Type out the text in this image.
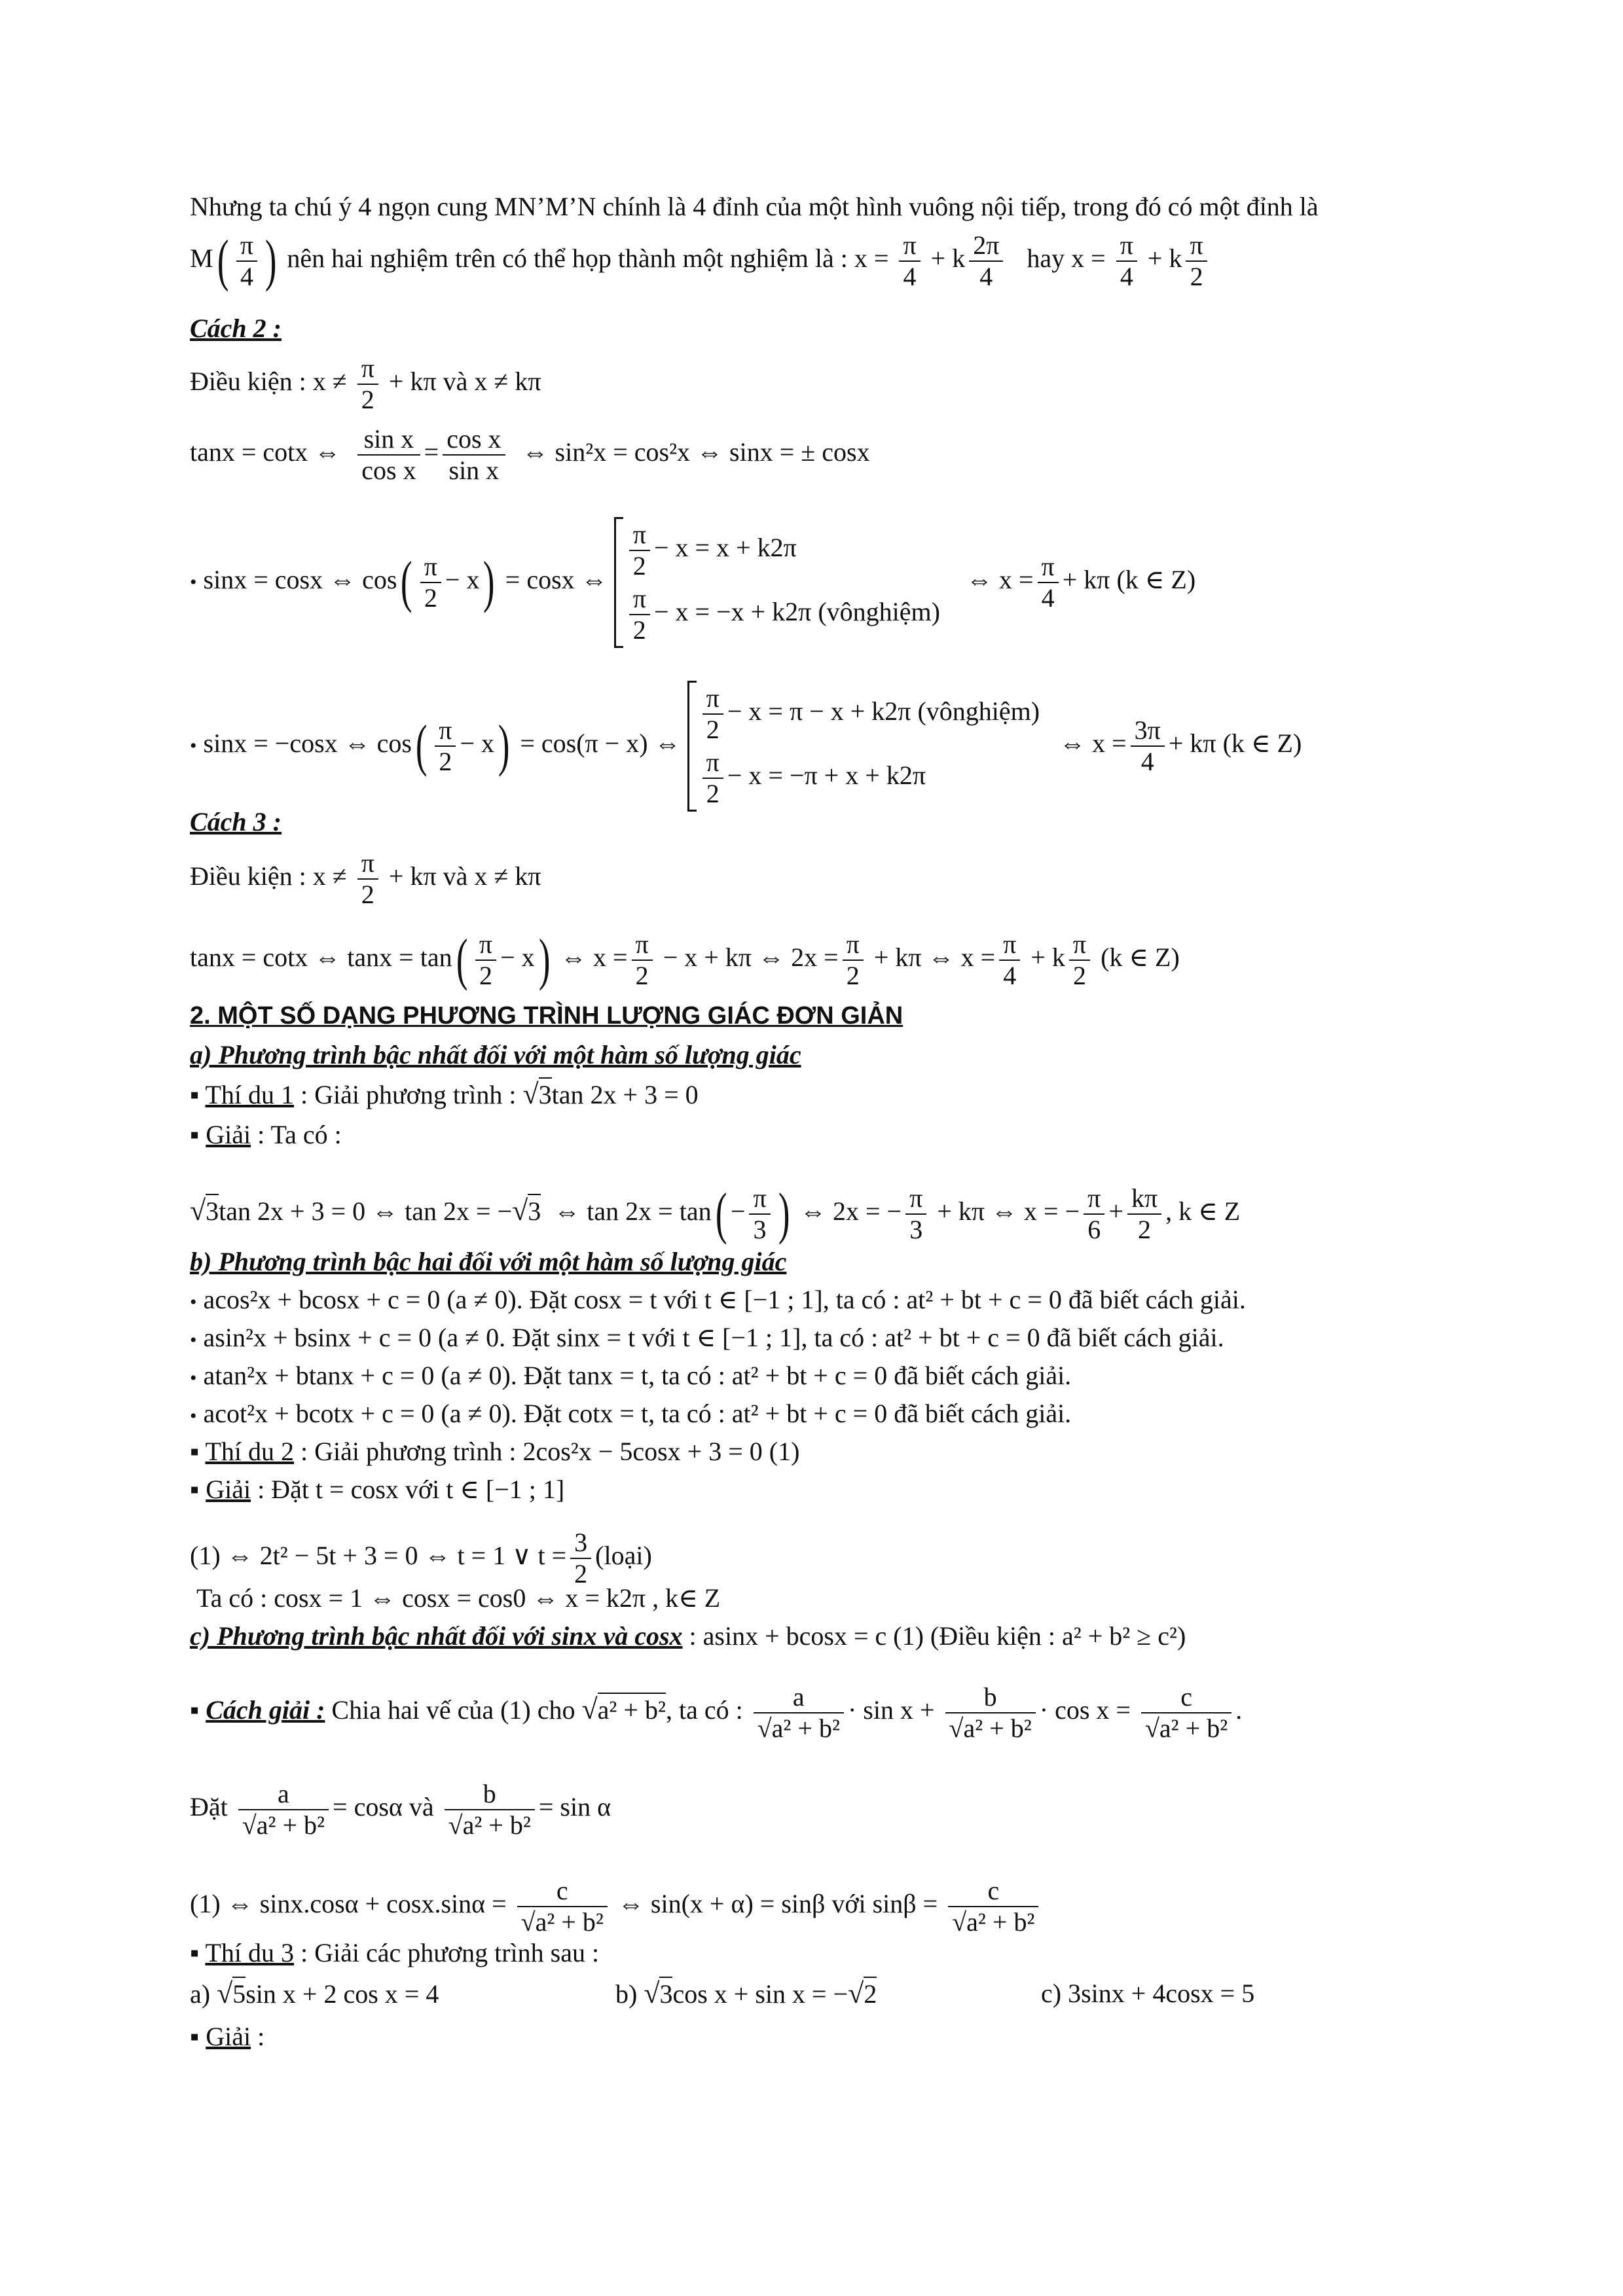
Nhưng ta chú ý 4 ngọn cung MN’M’N chính là 4 đỉnh của một hình vuông nội tiếp, trong đó có một đỉnh là
$M( \frac{\pi}{4}$ ) nên hai nghiệm trên có thể họp thành một nghiệm là : $x = \frac{\pi}{4} + k \frac{2\pi}{4}$ hay $x = \frac{\pi}{4} + k \frac{\pi}{2}$
Cách 2 :
Điều kiện : $x \ne \frac{\pi}{2} + k\pi$ và x ≠ kπ
tanx = cotx ⇔ $\frac{\text{sin x}}{\text{cos x}} = \frac{\text{cos x}}{\text{sin x}}$ ⇔ sin²x = cos²x ⇔ sinx = ± cosx
• sinx = cosx ⇔ $\cos( \frac{\pi}{2} - x) = \cos x$ ⇔ $\frac{\pi}{2} - x = x + k2\pi$
$\frac{\pi}{2} - x = -x + k2\pi$ (vônghiệm)
⇔ $x = \frac{\pi}{4} + k\pi$ (k ∈ Z)
• sinx = −cosx ⇔ $\cos( \frac{\pi}{2} - x) = \cos(\pi - x)$ ⇔ $\frac{\pi}{2} - x = \pi - x + k2\pi$ (vônghiệm)
$\frac{\pi}{2} - x = -\pi + x + k2\pi$
⇔ $x = \frac{3\pi}{4} + k\pi$ (k ∈ Z)
Cách 3 :
Điều kiện : $x \ne \frac{\pi}{2} + k\pi$ và x ≠ kπ
tanx = cotx ⇔ $\tan x = \tan( \frac{\pi}{2} - x)$ ⇔ $x = \frac{\pi}{2} - x + k\pi$ ⇔ $2x = \frac{\pi}{2} + k\pi$ ⇔ $x = \frac{\pi}{4} + k \frac{\pi}{2} (k$ ∈ Z)
2. MỘT SỐ DẠNG PHƯƠNG TRÌNH LƯỢNG GIÁC ĐƠN GIẢN
a) Phương trình bậc nhất đối với một hàm số lượng giác
▪ Thí du 1 : Giải phương trình : √3tan 2x + 3 = 0
▪ Giải : Ta có :
√3tan 2x + 3 = 0 ⇔ tan 2x = −√3 ⇔ $\tan 2x = \tan( - \frac{\pi}{3}$ ) ⇔ 2x = − $\frac{\pi}{3} + k\pi$ ⇔ x = − $\frac{\pi}{6} + \frac{k\pi}{2}$ , k ∈ Z
b) Phương trình bậc hai đối với một hàm số lượng giác
• acos²x + bcosx + c = 0 (a ≠ 0). Đặt cosx = t với t ∈ [−1 ; 1], ta có : at² + bt + c = 0 đã biết cách giải.
• asin²x + bsinx + c = 0 (a ≠ 0. Đặt sinx = t với t ∈ [−1 ; 1], ta có : at² + bt + c = 0 đã biết cách giải.
• atan²x + btanx + c = 0 (a ≠ 0). Đặt tanx = t, ta có : at² + bt + c = 0 đã biết cách giải.
• acot²x + bcotx + c = 0 (a ≠ 0). Đặt cotx = t, ta có : at² + bt + c = 0 đã biết cách giải.
▪ Thí du 2 : Giải phương trình : 2cos²x − 5cosx + 3 = 0 (1)
▪ Giải : Đặt t = cosx với t ∈ [−1 ; 1]
(1) ⇔ 2t² − 5t + 3 = 0 ⇔ t = 1 ∨ $t = \frac{3}{2}$ (loại)
Ta có : cosx = 1 ⇔ cosx = cos0 ⇔ x = k2π , k∈ Z
c) Phương trình bậc nhất đối với sinx và cosx : asinx + bcosx = c (1) (Điều kiện : a² + b² ≥ c²)
▪ Cách giải : Chia hai vế của (1) cho √a² + b², ta có : $\frac{a}{\text{√a² + b²}} \cdot \sin x + \frac{b}{\text{√a² + b²}} \cdot \cos x = \frac{c}{\text{√a² + b²}}$ .
Đặt $\frac{a}{\text{√a² + b²}} = \cos\alpha$ và $\frac{b}{\text{√a² + b²}} = \sin \alpha$
(1) ⇔ $\sin x.\cos\alpha + \cos x.\sin\alpha = \frac{c}{\text{√a² + b²}}$ ⇔ sin(x + α) = sinβ với $\sin\beta = \frac{c}{\text{√a² + b²}}$
▪ Thí du 3 : Giải các phương trình sau :
a) √5sin x + 2 cos x = 4	b) √3cos x + sin x = −√2	c) 3sinx + 4cosx = 5
▪ Giải :
